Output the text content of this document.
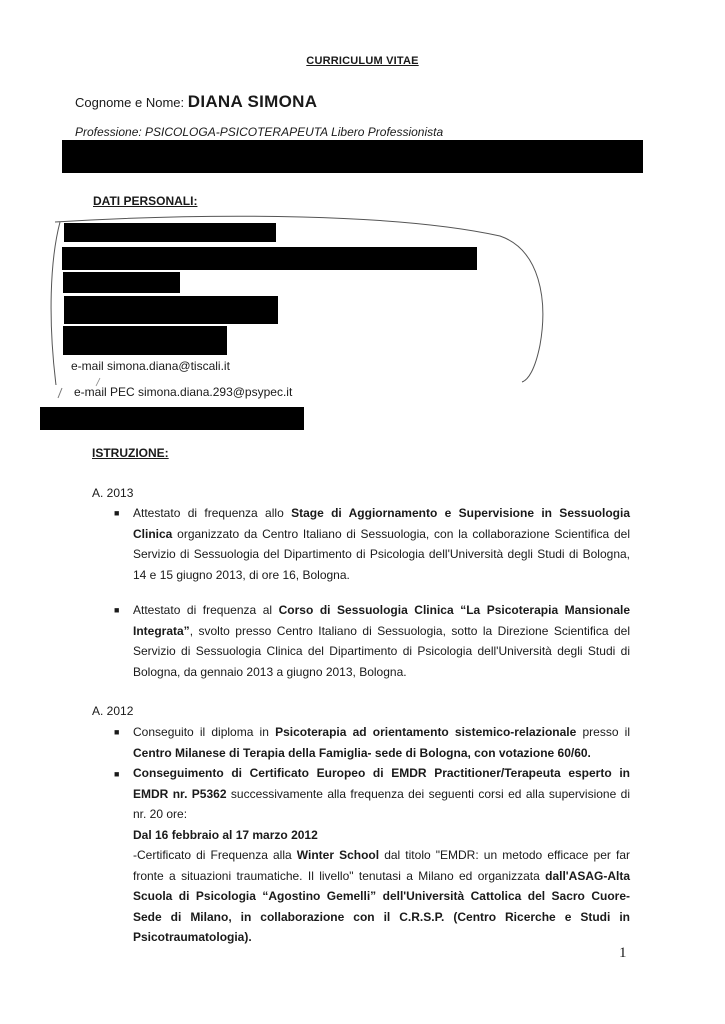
CURRICULUM VITAE
Cognome e Nome: DIANA SIMONA
Professione: PSICOLOGA-PSICOTERAPEUTA Libero Professionista
DATI PERSONALI:
e-mail simona.diana@tiscali.it
e-mail PEC simona.diana.293@psypec.it
ISTRUZIONE:
A. 2013
■ Attestato di frequenza allo Stage di Aggiornamento e Supervisione in Sessuologia Clinica organizzato da Centro Italiano di Sessuologia, con la collaborazione Scientifica del Servizio di Sessuologia del Dipartimento di Psicologia dell'Università degli Studi di Bologna, 14 e 15 giugno 2013, di ore 16, Bologna.
■ Attestato di frequenza al Corso di Sessuologia Clinica “La Psicoterapia Mansionale Integrata”, svolto presso Centro Italiano di Sessuologia, sotto la Direzione Scientifica del Servizio di Sessuologia Clinica del Dipartimento di Psicologia dell'Università degli Studi di Bologna, da gennaio 2013 a giugno 2013, Bologna.
A. 2012
■ Conseguito il diploma in Psicoterapia ad orientamento sistemico-relazionale presso il Centro Milanese di Terapia della Famiglia- sede di Bologna, con votazione 60/60.
■ Conseguimento di Certificato Europeo di EMDR Practitioner/Terapeuta esperto in EMDR nr. P5362 successivamente alla frequenza dei seguenti corsi ed alla supervisione di nr. 20 ore:
Dal 16 febbraio al 17 marzo 2012
-Certificato di Frequenza alla Winter School dal titolo "EMDR: un metodo efficace per far fronte a situazioni traumatiche. Il livello" tenutasi a Milano ed organizzata dall'ASAG-Alta Scuola di Psicologia “Agostino Gemelli” dell'Università Cattolica del Sacro Cuore- Sede di Milano, in collaborazione con il C.R.S.P. (Centro Ricerche e Studi in Psicotraumatologia).
1
